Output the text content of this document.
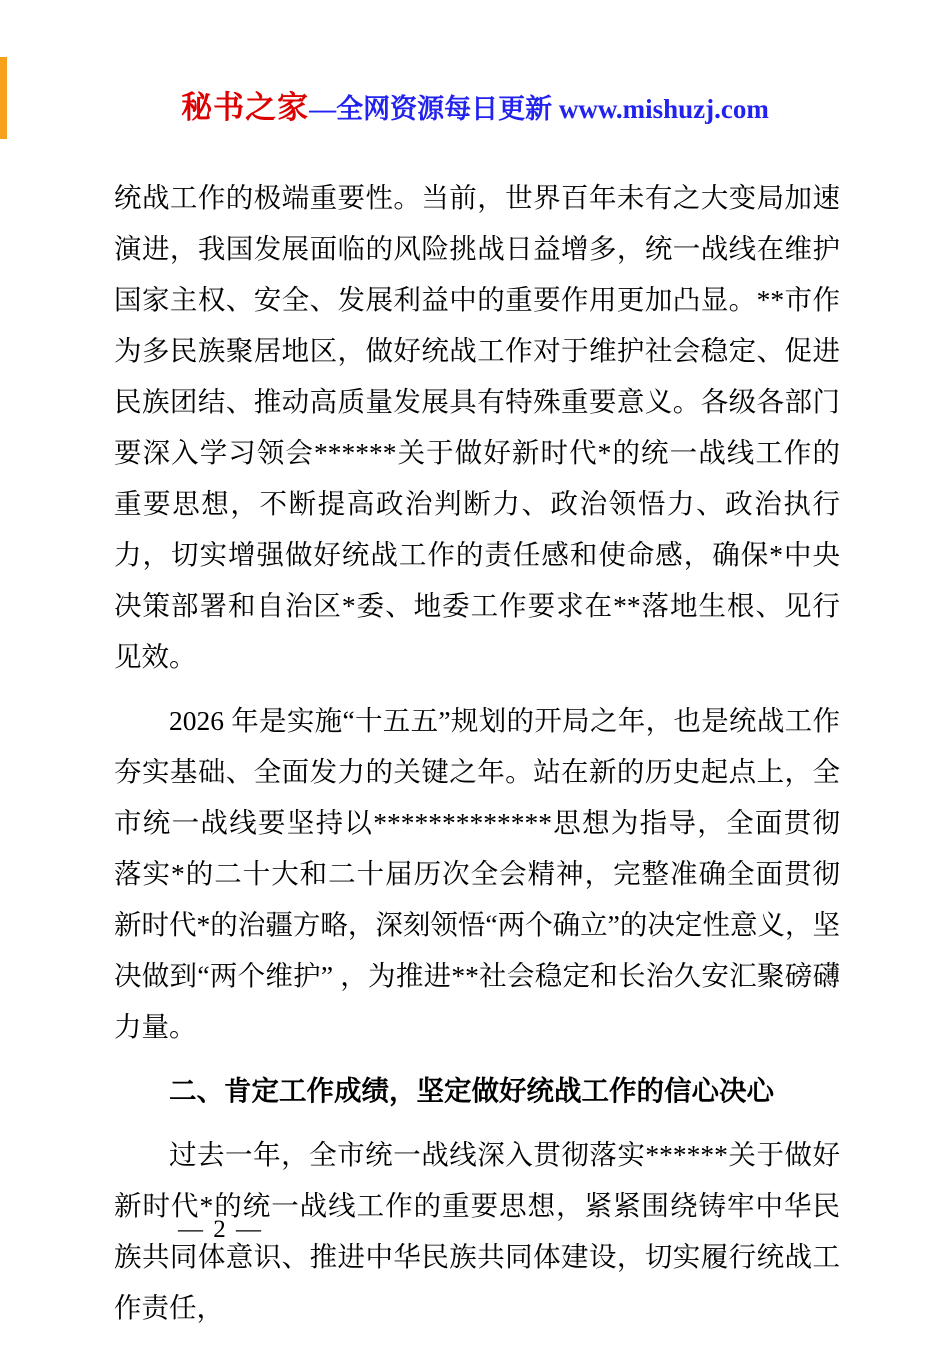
秘书之家—全网资源每日更新 www.mishuzj.com

统战工作的极端重要性。当前，世界百年未有之大变局加速演进，我国发展面临的风险挑战日益增多，统一战线在维护国家主权、安全、发展利益中的重要作用更加凸显。**市作为多民族聚居地区，做好统战工作对于维护社会稳定、促进民族团结、推动高质量发展具有特殊重要意义。各级各部门要深入学习领会******关于做好新时代*的统一战线工作的重要思想，不断提高政治判断力、政治领悟力、政治执行力，切实增强做好统战工作的责任感和使命感，确保*中央决策部署和自治区*委、地委工作要求在**落地生根、见行见效。

2026 年是实施“十五五”规划的开局之年，也是统战工作夯实基础、全面发力的关键之年。站在新的历史起点上，全市统一战线要坚持以*************思想为指导，全面贯彻落实*的二十大和二十届历次全会精神，完整准确全面贯彻新时代*的治疆方略，深刻领悟“两个确立”的决定性意义，坚决做到“两个维护” ，为推进**社会稳定和长治久安汇聚磅礴力量。

二、肯定工作成绩，坚定做好统战工作的信心决心

过去一年，全市统一战线深入贯彻落实******关于做好新时代*的统一战线工作的重要思想，紧紧围绕铸牢中华民族共同体意识、推进中华民族共同体建设，切实履行统战工作责任，

— 2 —
